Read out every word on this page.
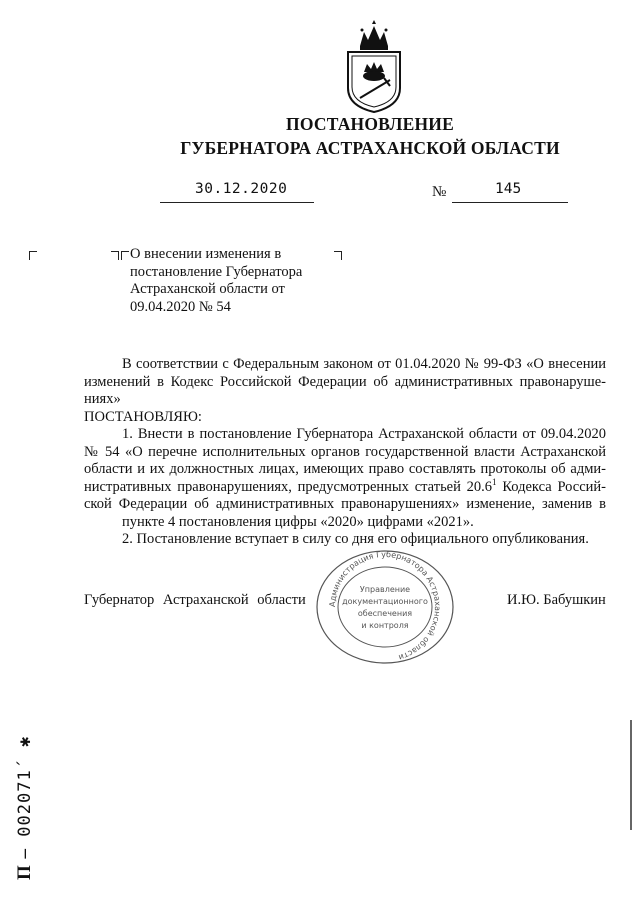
ПОСТАНОВЛЕНИЕ
ГУБЕРНАТОРА АСТРАХАНСКОЙ ОБЛАСТИ
30.12.2020	№	145
О внесении изменения в
постановление Губернатора
Астраханской области от
09.04.2020 № 54
В соответствии с Федеральным законом от 01.04.2020 № 99-ФЗ «О внесении
изменений в Кодекс Российской Федерации об административных правонаруше-
ниях»
ПОСТАНОВЛЯЮ:
1. Внести в постановление Губернатора Астраханской области от 09.04.2020
№ 54 «О перечне исполнительных органов государственной власти Астраханской
области и их должностных лицах, имеющих право составлять протоколы об адми-
нистративных правонарушениях, предусмотренных статьей 20.6$^1$ Кодекса Россий-
ской Федерации об административных правонарушениях» изменение, заменив в
пункте 4 постановления цифры «2020» цифрами «2021».
2. Постановление вступает в силу со дня его официального опубликования.
Администрация Губернатора Астраханской области
Управление
документационного
обеспечения
и контроля
Губернатор Астраханской области	И.Ю. Бабушкин
П – 002071´ ✱
